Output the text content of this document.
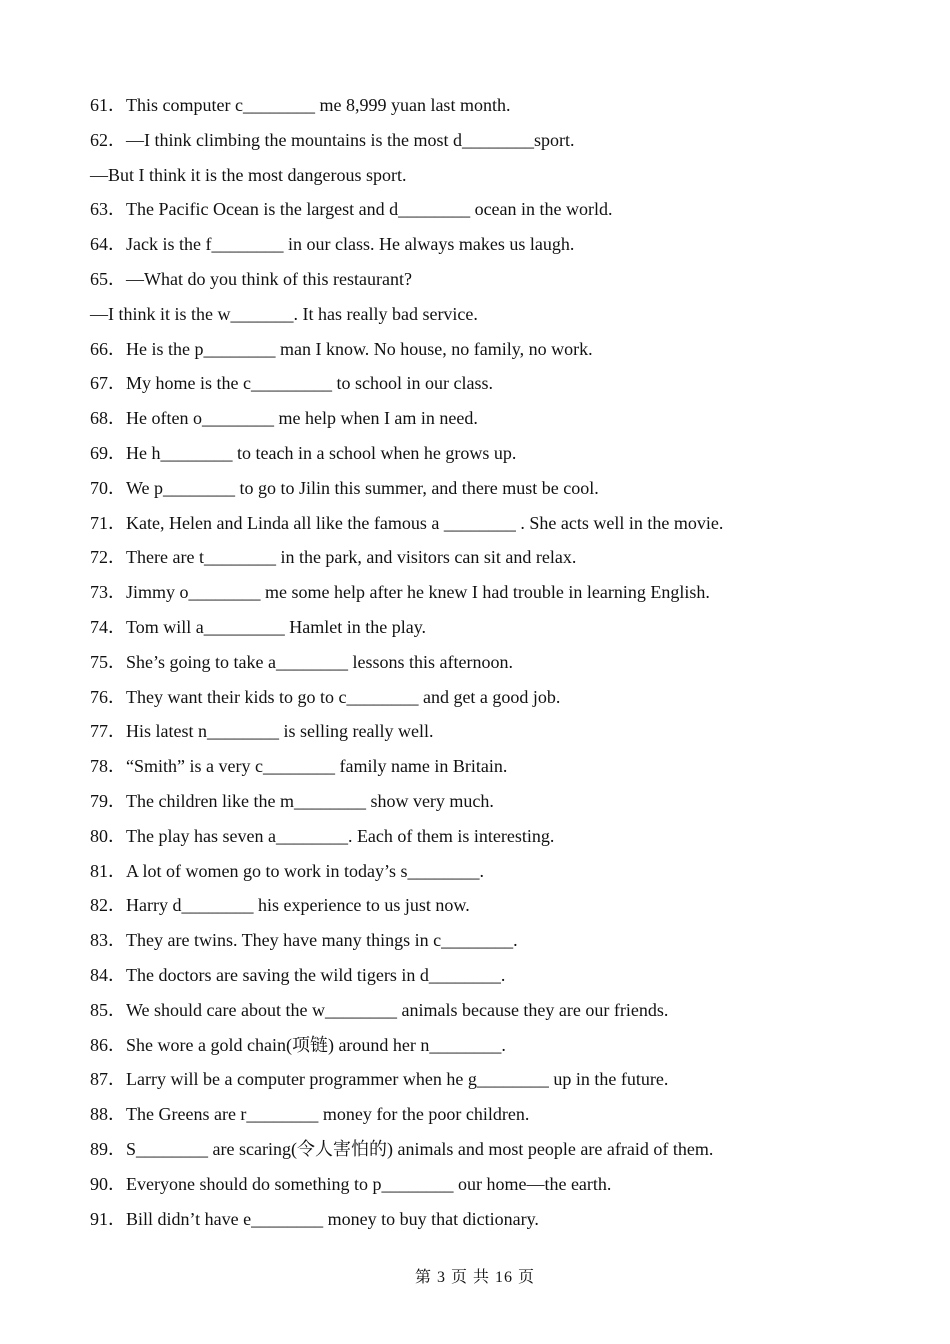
61．This computer c________ me 8,999 yuan last month.
62．—I think climbing the mountains is the most d________sport.
—But I think it is the most dangerous sport.
63．The Pacific Ocean is the largest and d________ ocean in the world.
64．Jack is the f________ in our class. He always makes us laugh.
65．—What do you think of this restaurant?
—I think it is the w_______. It has really bad service.
66．He is the p________ man I know. No house, no family, no work.
67．My home is the c_________ to school in our class.
68．He often o________ me help when I am in need.
69．He h________ to teach in a school when he grows up.
70．We p________ to go to Jilin this summer, and there must be cool.
71．Kate, Helen and Linda all like the famous a ________ . She acts well in the movie.
72．There are t________ in the park, and visitors can sit and relax.
73．Jimmy o________ me some help after he knew I had trouble in learning English.
74．Tom will a_________ Hamlet in the play.
75．She’s going to take a________ lessons this afternoon.
76．They want their kids to go to c________ and get a good job.
77．His latest n________ is selling really well.
78．“Smith” is a very c________ family name in Britain.
79．The children like the m________ show very much.
80．The play has seven a________. Each of them is interesting.
81．A lot of women go to work in today’s s________.
82．Harry d________ his experience to us just now.
83．They are twins. They have many things in c________.
84．The doctors are saving the wild tigers in d________.
85．We should care about the w________ animals because they are our friends.
86．She wore a gold chain(项链) around her n________.
87．Larry will be a computer programmer when he g________ up in the future.
88．The Greens are r________ money for the poor children.
89．S________ are scaring(令人害怕的) animals and most people are afraid of them.
90．Everyone should do something to p________ our home—the earth.
91．Bill didn’t have e________ money to buy that dictionary.
第 3 页 共 16 页
